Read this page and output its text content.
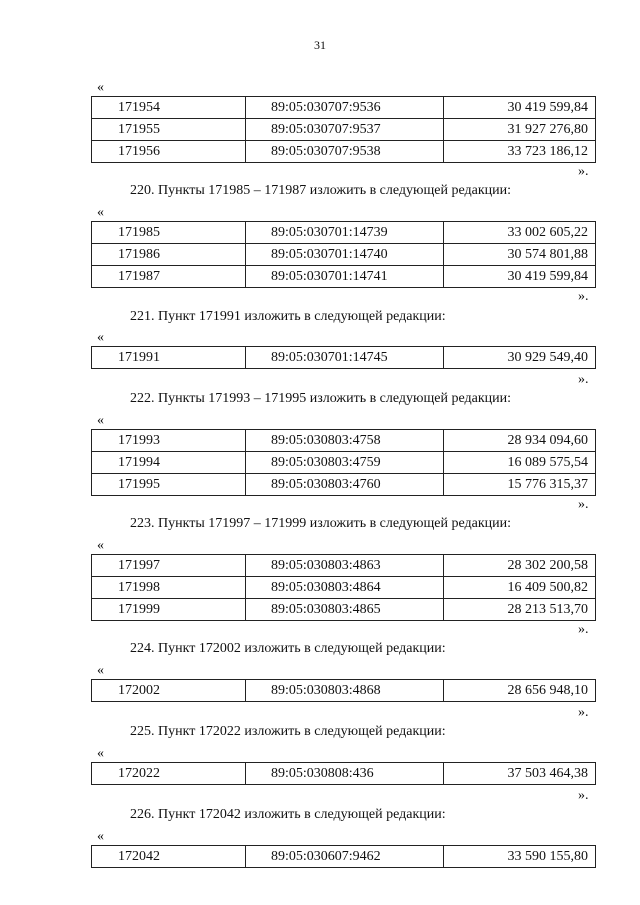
31
«
171954	89:05:030707:9536	30 419 599,84
171955	89:05:030707:9537	31 927 276,80
171956	89:05:030707:9538	33 723 186,12
».
220. Пункты 171985 – 171987 изложить в следующей редакции:
«
171985	89:05:030701:14739	33 002 605,22
171986	89:05:030701:14740	30 574 801,88
171987	89:05:030701:14741	30 419 599,84
».
221. Пункт 171991 изложить в следующей редакции:
«
171991	89:05:030701:14745	30 929 549,40
».
222. Пункты 171993 – 171995 изложить в следующей редакции:
«
171993	89:05:030803:4758	28 934 094,60
171994	89:05:030803:4759	16 089 575,54
171995	89:05:030803:4760	15 776 315,37
».
223. Пункты 171997 – 171999 изложить в следующей редакции:
«
171997	89:05:030803:4863	28 302 200,58
171998	89:05:030803:4864	16 409 500,82
171999	89:05:030803:4865	28 213 513,70
».
224. Пункт 172002 изложить в следующей редакции:
«
172002	89:05:030803:4868	28 656 948,10
».
225. Пункт 172022 изложить в следующей редакции:
«
172022	89:05:030808:436	37 503 464,38
».
226. Пункт 172042 изложить в следующей редакции:
«
172042	89:05:030607:9462	33 590 155,80
